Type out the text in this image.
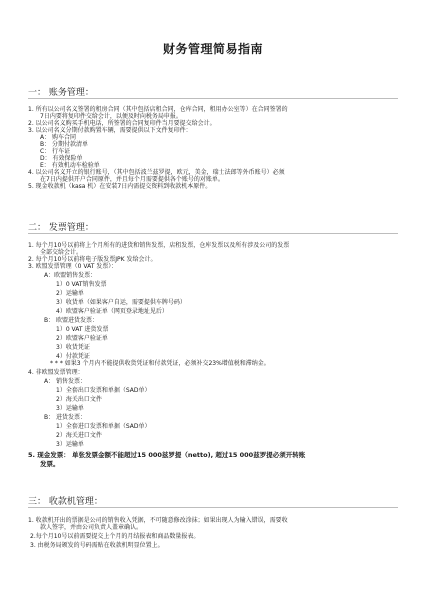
财务管理简易指南
一： 账务管理：
1. 所有以公司名义签署的租房合同（其中包括店租合同，仓库合同，租用办公室等）在合同签署的
7日内要将复印件交给会计，以便及时向税务局申报。
2. 以公司名义购买手机电话，所签署的合同复印件当月要提交给会计。
3. 以公司名义分期付款购置车辆，需要提供以下文件复印件：
A： 购车合同
B： 分期付款清单
C： 行车证
D： 有效保险单
E： 有效机动车检验单
4. 以公司名义开立的银行账号，（其中包括波兰兹罗提，欧元，美金，瑞士法郎等外币账号）必须
在7日内提供开户合同原件，并且每个月需要提供各个账号的对账单。
5. 现金收款机（kasa 机）在安装7日内需提交资料到收款机本原件。
二： 发票管理：
1. 每个月10号以前将上个月所有的进货和销售发票，店租发票，仓库发票以及所有涉及公司的发票
全部交给会计。
2. 每个月10号以前将电子版发票JPK 发给会计。
3. 欧盟发票管理（0 VAT 发票）：
A：欧盟销售发票：
1）0 VAT销售发票
2）运输单
3）收货单（如果客户自运，需要提供车牌号码）
4）欧盟客户验证单（网页登录地址见后）
B： 欧盟进货发票：
1）0 VAT 进货发票
2）欧盟客户验证单
3）收货凭证
4）付款凭证
* * * 如果3 个月内不能提供收货凭证和付款凭证，必须补交23%增值税和滞纳金。
4. 非欧盟发票管理：
A： 销售发票：
1）全套出口发票和单据（SAD单）
2）海关出口文件
3）运输单
B： 进货发票：
1）全套进口发票和单据（SAD单）
2）海关进口文件
3）运输单
5. 现金发票： 单张发票金额不能超过15 000兹罗提（netto), 超过15 000兹罗提必须开转账
发票。
三： 收款机管理：
1. 收款机开出的票据是公司的销售收入凭据，不可随意修改涂抹；如果出现人为输入错误，需要收
款人签字，并由公司负责人盖章确认。
2.每个月10号以前需要提交上个月的月结报表和商品数量报表。
3. 由税务局颁发的号码需贴在收款机明显位置上。
